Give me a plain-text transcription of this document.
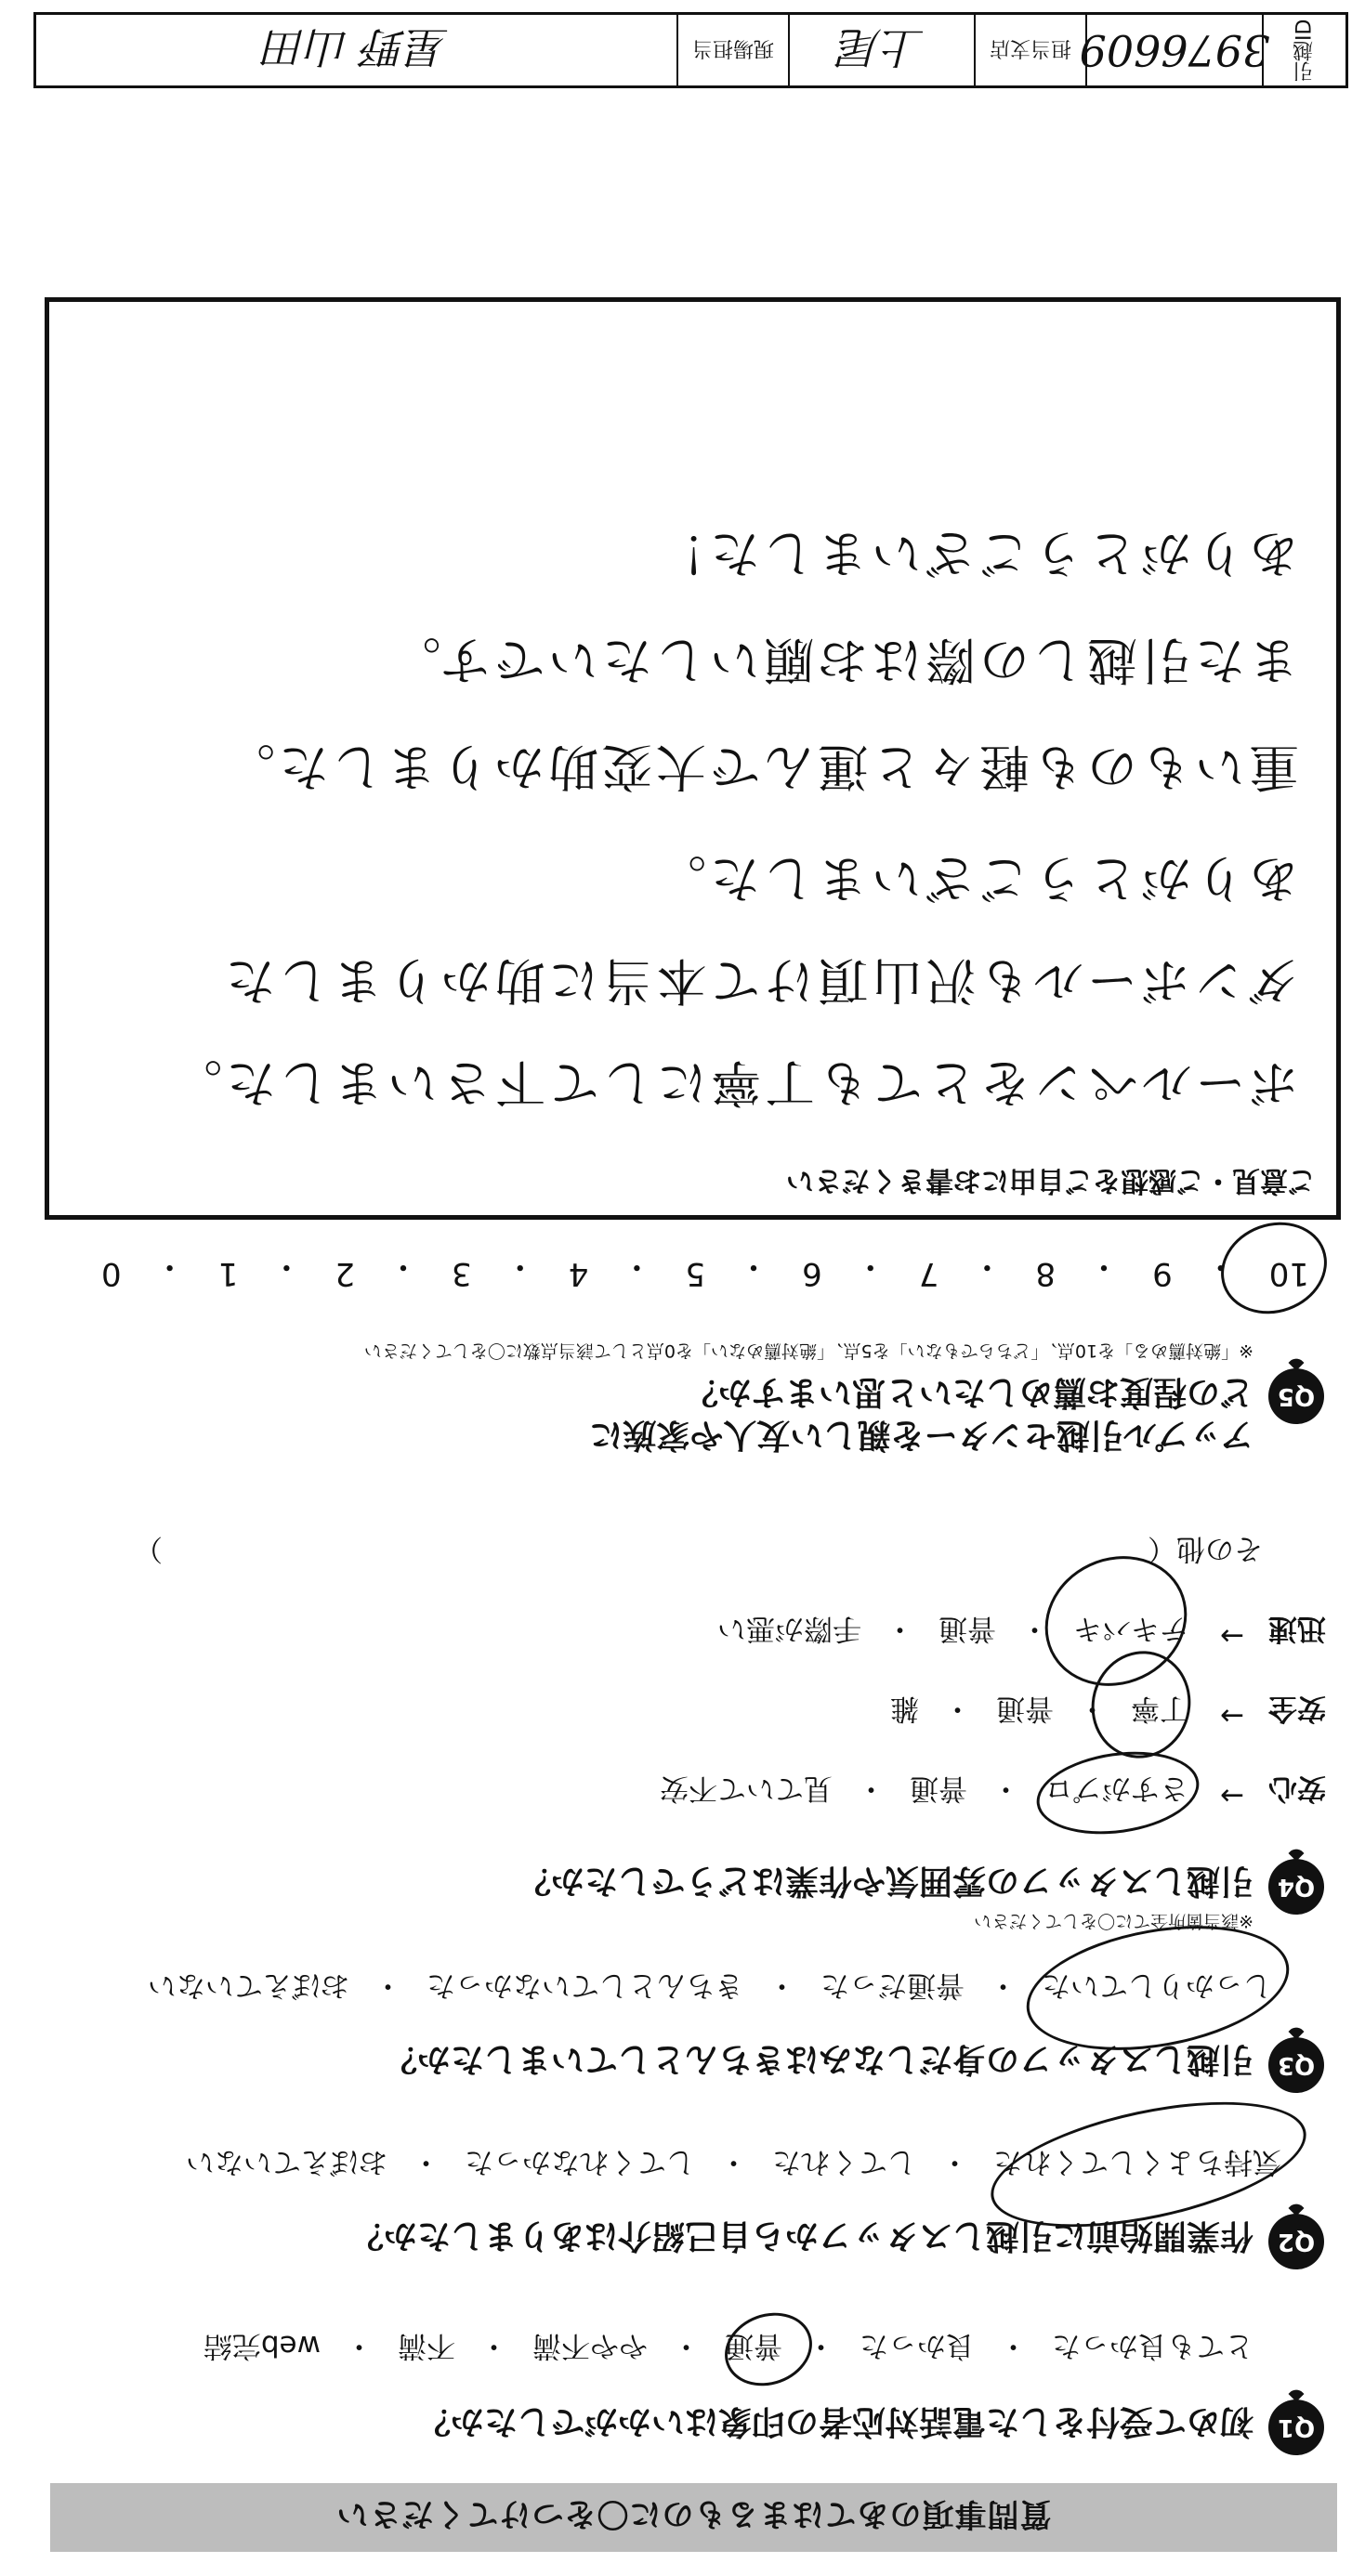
質問事項のあてはまるものに〇をつけてください
Q1
初めて受付をした電話対応者の印象はいかがでしたか？
とても良かった
・
良かった
・
普通
・
やや不満
・
不満
・
web完結
Q2
作業開始前に引越しスタッフから自己紹介はありましたか？
気持ちよくしてくれた
・
してくれた
・
してくれなかった
・
おぼえていない
Q3
引越しスタッフの身だしなみはきちんとしていましたか？
しっかりしていた
・
普通だった
・
きちんとしていなかった
・
おぼえていない
Q4
引越しスタッフの雰囲気や作業はどうでしたか？
※該当箇所全てに〇をしてください
安心
→
さすがプロ
・
普通
・
見ていて不安
安全
→
丁寧
・
普通
・
雑
迅速
→
テキパキ
・
普通
・
手際が悪い
その他（
）
Q5
アップル引越センターを親しい友人や家族に
どの程度お薦めしたいと思いますか？
※「絶対薦める」を10点、「どちらでもない」を5点、「絶対薦めない」を0点として該当点数に〇をしてください
10
・
9
・
8
・
7
・
6
・
5
・
4
・
3
・
2
・
1
・
0
ご意見・ご感想をご自由にお書きください
ボールペンをとても丁寧にして下さいました。
ダンボールも沢山頂けて本当に助かりました
ありがとうございました。
重いものも軽々と運んで大変助かりました。
また引越しの際はお願いしたいです。
ありがとうございました！
引越ID
3976609
担当支店
上尾
現場担当
星野 山田
